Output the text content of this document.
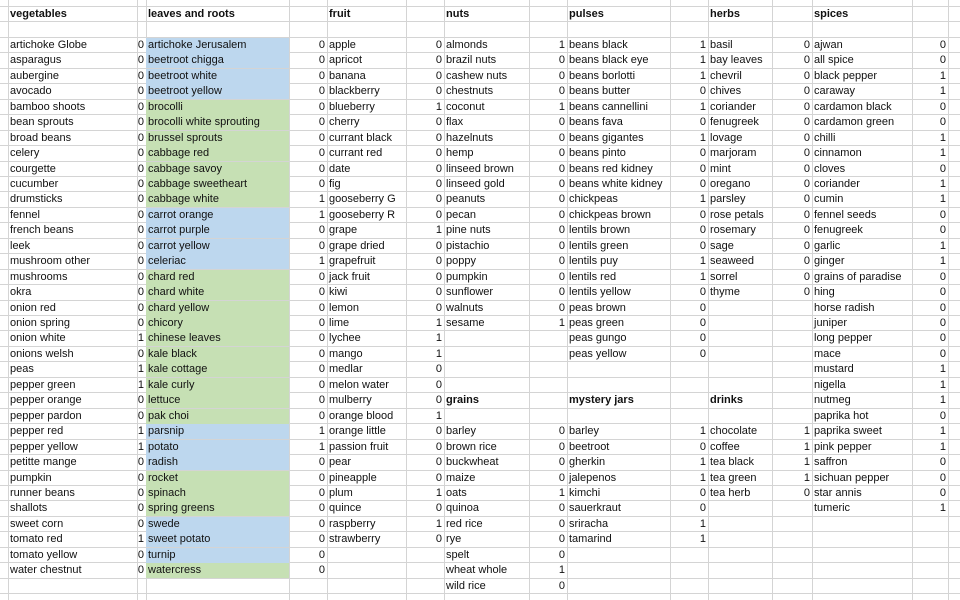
vegetables
artichoke Globe	0
asparagus	0
aubergine	0
avocado	0
bamboo shoots	0
bean sprouts	0
broad beans	0
celery	0
courgette	0
cucumber	0
drumsticks	0
fennel	0
french beans	0
leek	0
mushroom other	0
mushrooms	0
okra	0
onion red	0
onion spring	0
onion white	1
onions welsh	0
peas	1
pepper green	1
pepper orange	0
pepper pardon	0
pepper red	1
pepper yellow	1
petitte mange	0
pumpkin	0
runner beans	0
shallots	0
sweet corn	0
tomato red	1
tomato yellow	0
water chestnut	0
leaves and roots
artichoke Jerusalem	0
beetroot chigga	0
beetroot white	0
beetroot yellow	0
brocolli	0
brocolli white sprouting	0
brussel sprouts	0
cabbage red	0
cabbage savoy	0
cabbage sweetheart	0
cabbage white	1
carrot orange	1
carrot purple	0
carrot yellow	0
celeriac	1
chard red	0
chard white	0
chard yellow	0
chicory	0
chinese leaves	0
kale black	0
kale cottage	0
kale curly	0
lettuce	0
pak choi	0
parsnip	1
potato	1
radish	0
rocket	0
spinach	0
spring greens	0
swede	0
sweet potato	0
turnip	0
watercress	0
fruit
apple	0
apricot	0
banana	0
blackberry	0
blueberry	1
cherry	0
currant black	0
currant red	0
date	0
fig	0
gooseberry G	0
gooseberry R	0
grape	1
grape dried	0
grapefruit	0
jack fruit	0
kiwi	0
lemon	0
lime	1
lychee	1
mango	1
medlar	0
melon water	0
mulberry	0
orange blood	1
orange little	0
passion fruit	0
pear	0
pineapple	0
plum	1
quince	0
raspberry	1
strawberry	0
nuts
almonds	1
brazil nuts	0
cashew nuts	0
chestnuts	0
coconut	1
flax	0
hazelnuts	0
hemp	0
linseed brown	0
linseed gold	0
peanuts	0
pecan	0
pine nuts	0
pistachio	0
poppy	0
pumpkin	0
sunflower	0
walnuts	0
sesame	1
pulses
beans black	1
beans black eye	1
beans borlotti	1
beans butter	0
beans cannellini	1
beans fava	0
beans gigantes	1
beans pinto	0
beans red kidney	0
beans white kidney	0
chickpeas	1
chickpeas brown	0
lentils brown	0
lentils green	0
lentils puy	1
lentils red	1
lentils yellow	0
peas brown	0
peas green	0
peas gungo	0
peas yellow	0
herbs
basil	0
bay leaves	0
chevril	0
chives	0
coriander	0
fenugreek	0
lovage	0
marjoram	0
mint	0
oregano	0
parsley	0
rose petals	0
rosemary	0
sage	0
seaweed	0
sorrel	0
thyme	0
spices
ajwan	0
all spice	0
black pepper	1
caraway	1
cardamon black	0
cardamon green	0
chilli	1
cinnamon	1
cloves	0
coriander	1
cumin	1
fennel seeds	0
fenugreek	0
garlic	1
ginger	1
grains of paradise	0
hing	0
horse radish	0
juniper	0
long pepper	0
mace	0
mustard	1
nigella	1
nutmeg	1
paprika hot	0
paprika sweet	1
pink pepper	1
saffron	0
sichuan pepper	0
star annis	0
tumeric	1
grains
barley	0
brown rice	0
buckwheat	0
maize	0
oats	1
quinoa	0
red rice	0
rye	0
spelt	0
wheat whole	1
wild rice	0
mystery jars
barley	1
beetroot	0
gherkin	1
jalepenos	1
kimchi	0
sauerkraut	0
sriracha	1
tamarind	1
drinks
chocolate	1
coffee	1
tea black	1
tea green	1
tea herb	0
